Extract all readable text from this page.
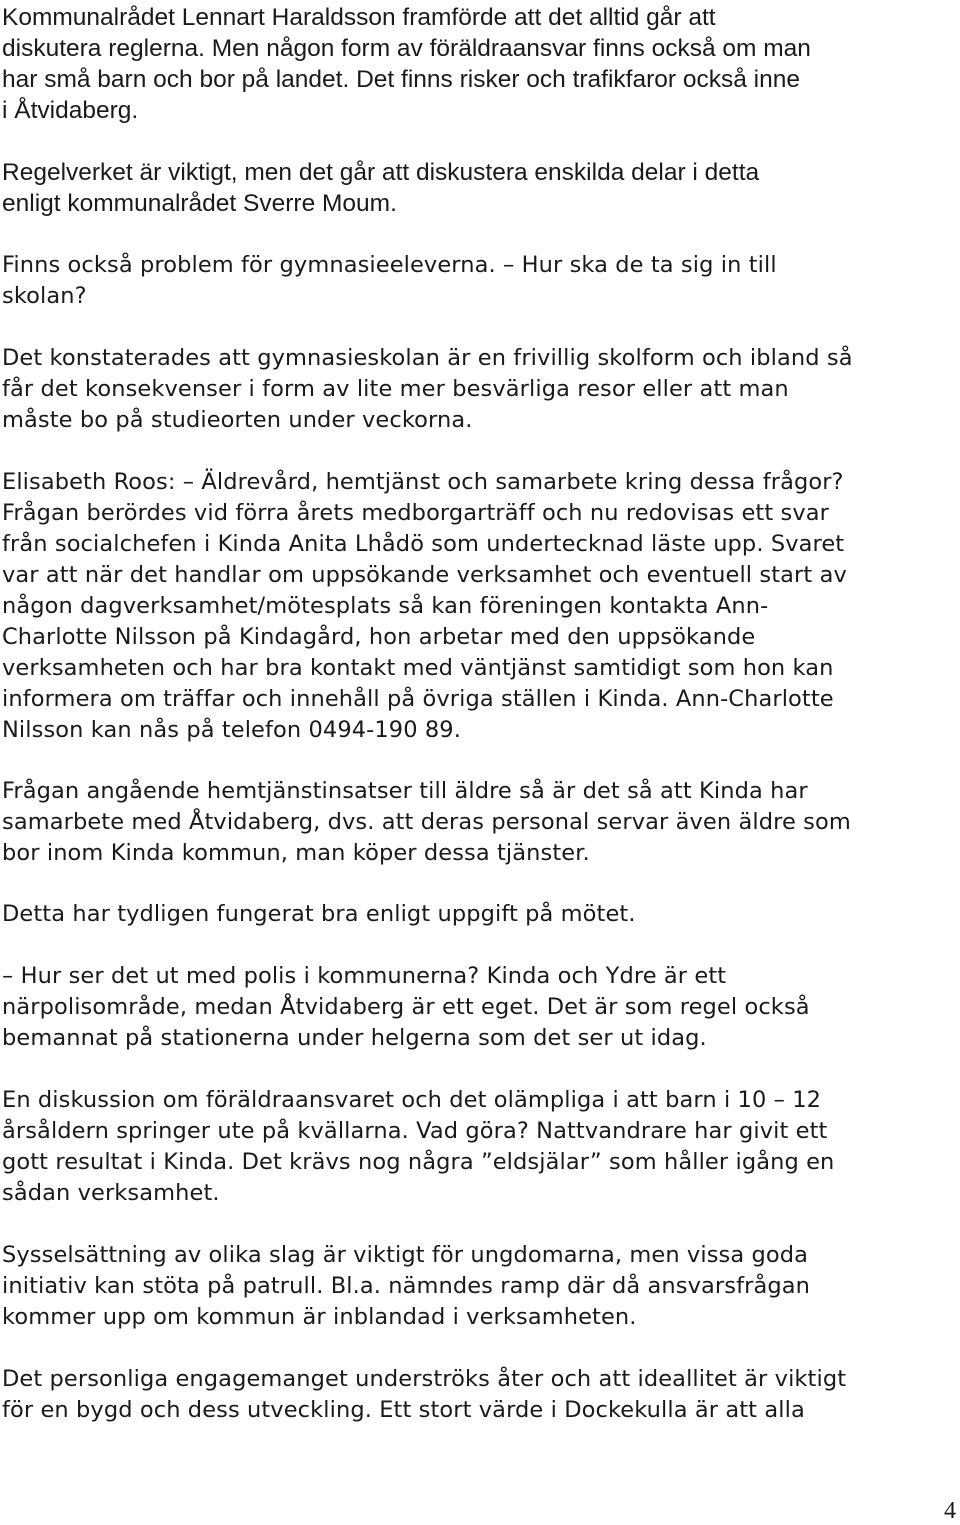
Kommunalrådet Lennart Haraldsson framförde att det alltid går att
diskutera reglerna. Men någon form av föräldraansvar finns också om man
har små barn och bor på landet. Det finns risker och trafikfaror också inne
i Åtvidaberg.
Regelverket är viktigt, men det går att diskustera enskilda delar i detta
enligt kommunalrådet Sverre Moum.
Finns också problem för gymnasieeleverna. – Hur ska de ta sig in till
skolan?
Det konstaterades att gymnasieskolan är en frivillig skolform och ibland så
får det konsekvenser i form av lite mer besvärliga resor eller att man
måste bo på studieorten under veckorna.
Elisabeth Roos: – Äldrevård, hemtjänst och samarbete kring dessa frågor?
Frågan berördes vid förra årets medborgarträff och nu redovisas ett svar
från socialchefen i Kinda Anita Lhådö som undertecknad läste upp. Svaret
var att när det handlar om uppsökande verksamhet och eventuell start av
någon dagverksamhet/mötesplats så kan föreningen kontakta Ann-
Charlotte Nilsson på Kindagård, hon arbetar med den uppsökande
verksamheten och har bra kontakt med väntjänst samtidigt som hon kan
informera om träffar och innehåll på övriga ställen i Kinda. Ann-Charlotte
Nilsson kan nås på telefon 0494-190 89.
Frågan angående hemtjänstinsatser till äldre så är det så att Kinda har
samarbete med Åtvidaberg, dvs. att deras personal servar även äldre som
bor inom Kinda kommun, man köper dessa tjänster.
Detta har tydligen fungerat bra enligt uppgift på mötet.
– Hur ser det ut med polis i kommunerna? Kinda och Ydre är ett
närpolisområde, medan Åtvidaberg är ett eget. Det är som regel också
bemannat på stationerna under helgerna som det ser ut idag.
En diskussion om föräldraansvaret och det olämpliga i att barn i 10 – 12
årsåldern springer ute på kvällarna. Vad göra? Nattvandrare har givit ett
gott resultat i Kinda. Det krävs nog några ”eldsjälar” som håller igång en
sådan verksamhet.
Sysselsättning av olika slag är viktigt för ungdomarna, men vissa goda
initiativ kan stöta på patrull. Bl.a. nämndes ramp där då ansvarsfrågan
kommer upp om kommun är inblandad i verksamheten.
Det personliga engagemanget underströks åter och att ideallitet är viktigt
för en bygd och dess utveckling. Ett stort värde i Dockekulla är att alla
4
